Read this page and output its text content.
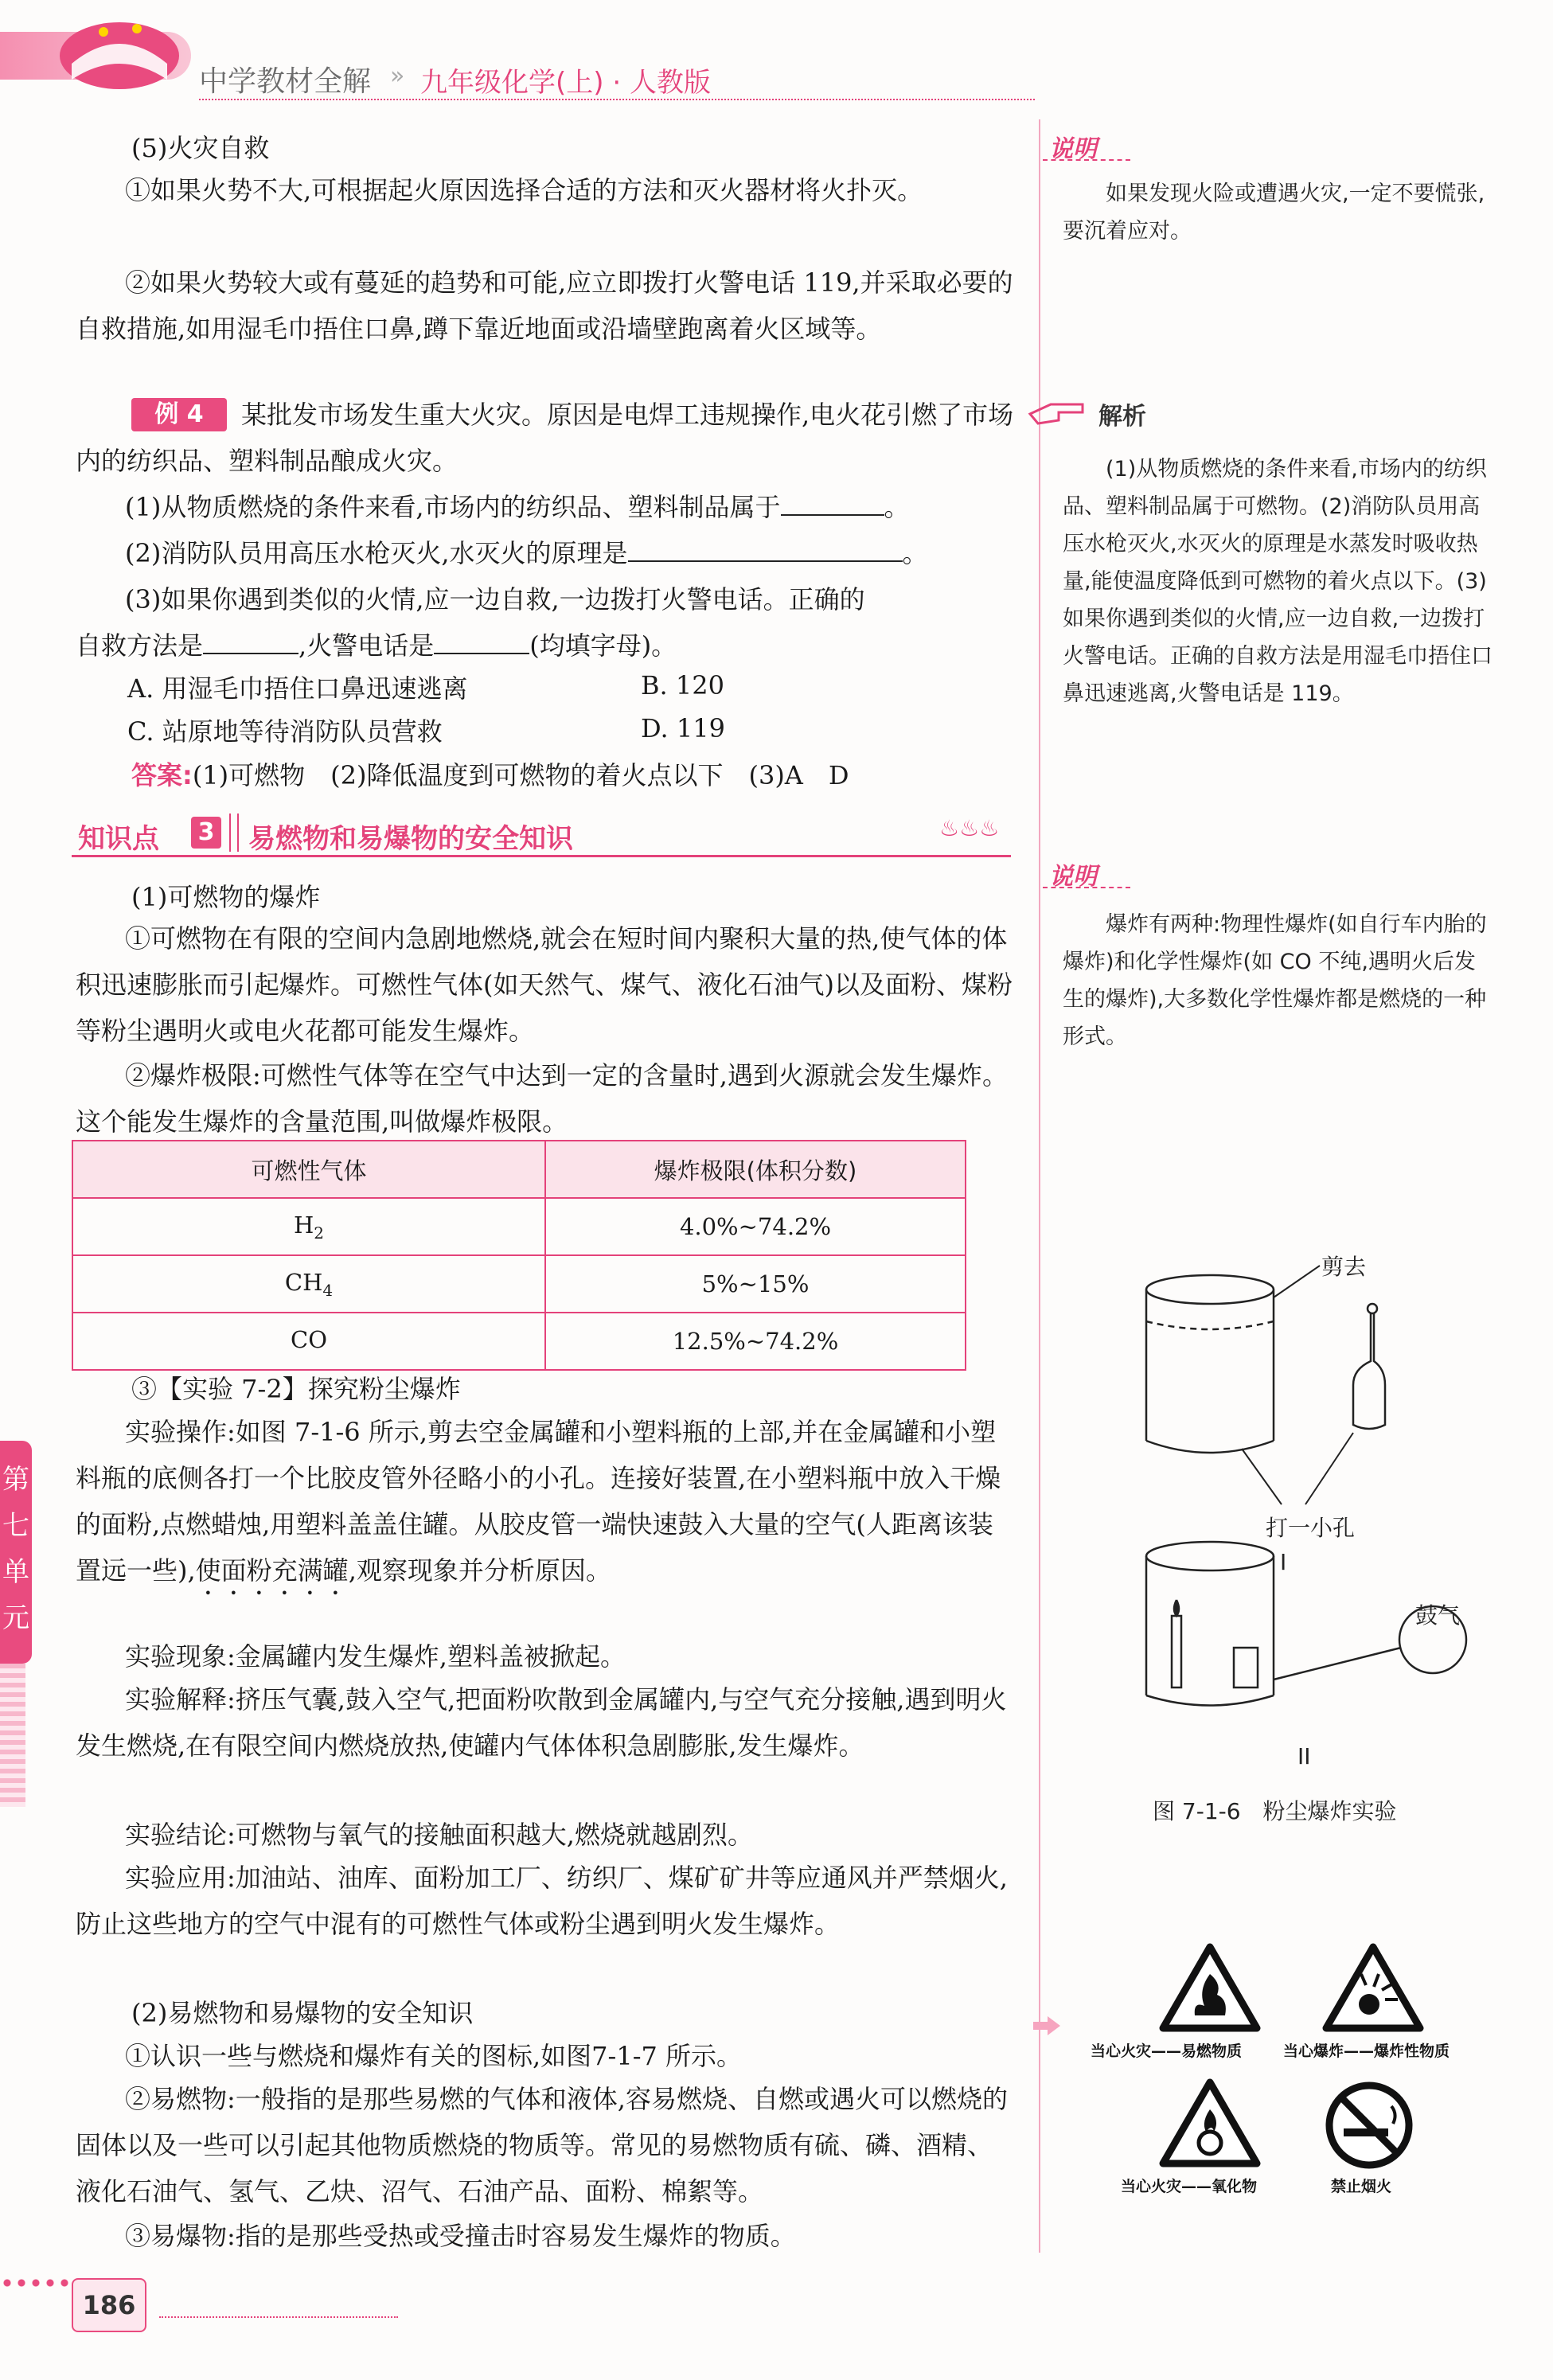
中学教材全解 » 九年级化学(上) · 人教版
第七单元
(5)火灾自救
①如果火势不大,可根据起火原因选择合适的方法和灭火器材将火扑灭。
②如果火势较大或有蔓延的趋势和可能,应立即拨打火警电话 119,并采取必要的自救措施,如用湿毛巾捂住口鼻,蹲下靠近地面或沿墙壁跑离着火区域等。
例 4	某批发市场发生重大火灾。原因是电焊工违规操作,电火花引燃了市场内的纺织品、塑料制品酿成火灾。
(1)从物质燃烧的条件来看,市场内的纺织品、塑料制品属于	。
(2)消防队员用高压水枪灭火,水灭火的原理是	。
(3)如果你遇到类似的火情,应一边自救,一边拨打火警电话。正确的
自救方法是	,火警电话是	(均填字母)。
A. 用湿毛巾捂住口鼻迅速逃离	B. 120
C. 站原地等待消防队员营救	D. 119
答案:(1)可燃物　(2)降低温度到可燃物的着火点以下　(3)A　D
知识点 3 易燃物和易爆物的安全知识	♨♨♨
(1)可燃物的爆炸
①可燃物在有限的空间内急剧地燃烧,就会在短时间内聚积大量的热,使气体的体积迅速膨胀而引起爆炸。可燃性气体(如天然气、煤气、液化石油气)以及面粉、煤粉等粉尘遇明火或电火花都可能发生爆炸。
②爆炸极限:可燃性气体等在空气中达到一定的含量时,遇到火源就会发生爆炸。这个能发生爆炸的含量范围,叫做爆炸极限。
可燃性气体	爆炸极限(体积分数)
$H_2$	4.0%~74.2%
$CH_4$	5%~15%
CO	12.5%~74.2%
③【实验 7-2】探究粉尘爆炸
实验操作:如图 7-1-6 所示,剪去空金属罐和小塑料瓶的上部,并在金属罐和小塑料瓶的底侧各打一个比胶皮管外径略小的小孔。连接好装置,在小塑料瓶中放入干燥的面粉,点燃蜡烛,用塑料盖盖住罐。从胶皮管一端快速鼓入大量的空气(人距离该装置远一些),使面粉充满罐,观察现象并分析原因。
实验现象:金属罐内发生爆炸,塑料盖被掀起。
实验解释:挤压气囊,鼓入空气,把面粉吹散到金属罐内,与空气充分接触,遇到明火发生燃烧,在有限空间内燃烧放热,使罐内气体体积急剧膨胀,发生爆炸。
实验结论:可燃物与氧气的接触面积越大,燃烧就越剧烈。
实验应用:加油站、油库、面粉加工厂、纺织厂、煤矿矿井等应通风并严禁烟火,防止这些地方的空气中混有的可燃性气体或粉尘遇到明火发生爆炸。
(2)易燃物和易爆物的安全知识
①认识一些与燃烧和爆炸有关的图标,如图7-1-7 所示。
②易燃物:一般指的是那些易燃的气体和液体,容易燃烧、自燃或遇火可以燃烧的固体以及一些可以引起其他物质燃烧的物质等。常见的易燃物质有硫、磷、酒精、液化石油气、氢气、乙炔、沼气、石油产品、面粉、棉絮等。
③易爆物:指的是那些受热或受撞击时容易发生爆炸的物质。
186
说明
如果发现火险或遭遇火灾,一定不要慌张,要沉着应对。
解析
(1)从物质燃烧的条件来看,市场内的纺织品、塑料制品属于可燃物。(2)消防队员用高压水枪灭火,水灭火的原理是水蒸发时吸收热量,能使温度降低到可燃物的着火点以下。(3)如果你遇到类似的火情,应一边自救,一边拨打火警电话。正确的自救方法是用湿毛巾捂住口鼻迅速逃离,火警电话是 119。
说明
爆炸有两种:物理性爆炸(如自行车内胎的爆炸)和化学性爆炸(如 CO 不纯,遇明火后发生的爆炸),大多数化学性爆炸都是燃烧的一种形式。
剪去
打一小孔
I
鼓气
II
图 7-1-6　粉尘爆炸实验
当心火灾——易燃物质	当心爆炸——爆炸性物质
当心火灾——氧化物	禁止烟火
